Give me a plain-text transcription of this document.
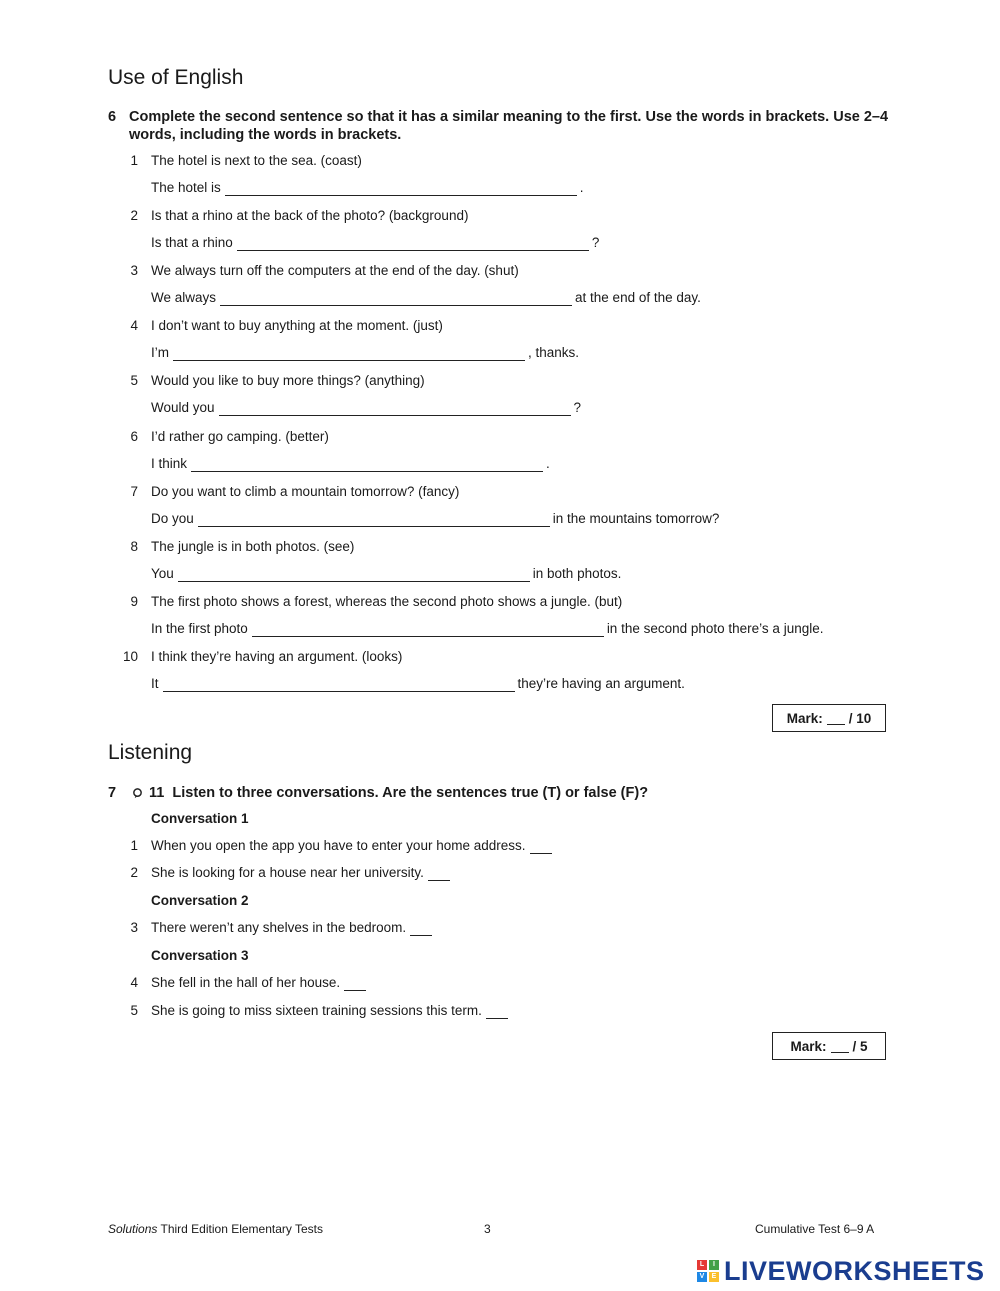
Use of English
6 Complete the second sentence so that it has a similar meaning to the first. Use the words in brackets. Use 2–4 words, including the words in brackets.
1 The hotel is next to the sea. (coast)
The hotel is	.
2 Is that a rhino at the back of the photo? (background)
Is that a rhino	?
3 We always turn off the computers at the end of the day. (shut)
We always	at the end of the day.
4 I don’t want to buy anything at the moment. (just)
I’m	, thanks.
5 Would you like to buy more things? (anything)
Would you	?
6 I’d rather go camping. (better)
I think	.
7 Do you want to climb a mountain tomorrow? (fancy)
Do you	in the mountains tomorrow?
8 The jungle is in both photos. (see)
You	in both photos.
9 The first photo shows a forest, whereas the second photo shows a jungle. (but)
In the first photo	in the second photo there’s a jungle.
10 I think they’re having an argument. (looks)
It	they’re having an argument.
Mark: / 10
Listening
7	11 Listen to three conversations. Are the sentences true (T) or false (F)?
Conversation 1
1 When you open the app you have to enter your home address.
2 She is looking for a house near her university.
Conversation 2
3 There weren’t any shelves in the bedroom.
Conversation 3
4 She fell in the hall of her house.
5 She is going to miss sixteen training sessions this term.
Mark: / 5
Solutions Third Edition Elementary Tests	3	Cumulative Test 6–9 A
L	I
V	E LIVEWORKSHEETS
